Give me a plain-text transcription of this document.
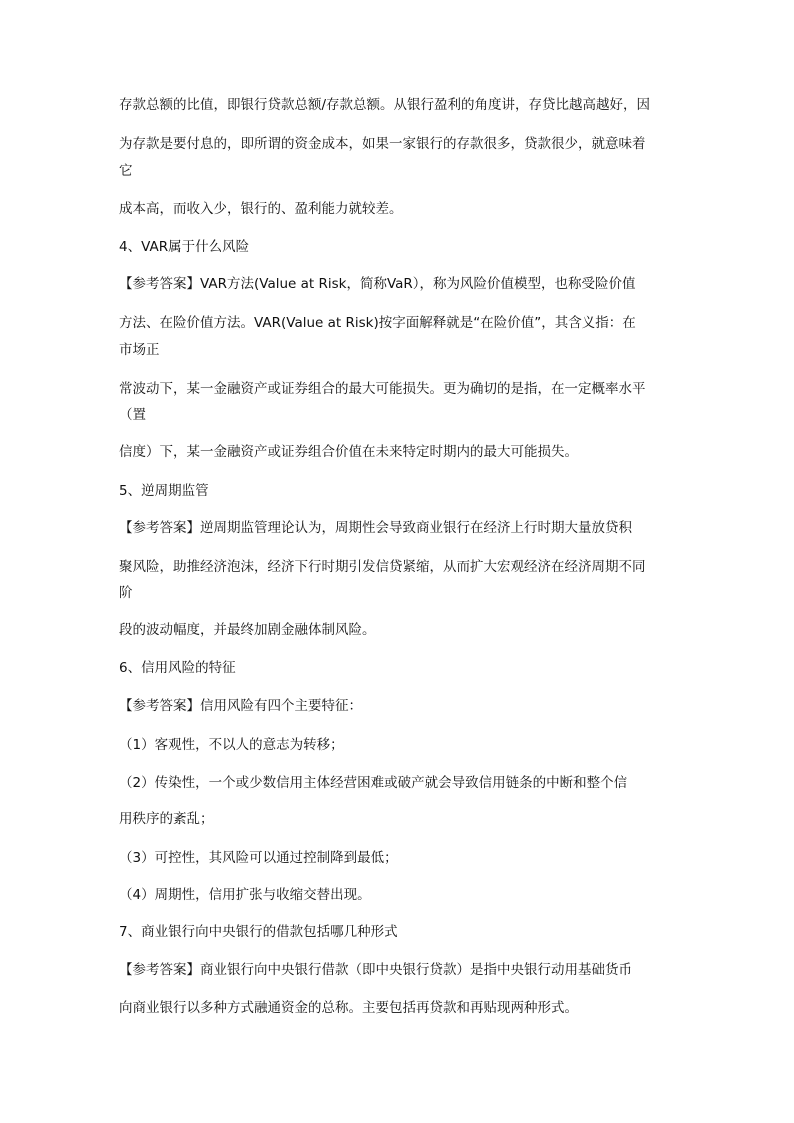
存款总额的比值，即银行贷款总额/存款总额。从银行盈利的角度讲，存贷比越高越好，因
为存款是要付息的，即所谓的资金成本，如果一家银行的存款很多，贷款很少，就意味着
它
成本高，而收入少，银行的、盈利能力就较差。
4、VAR属于什么风险
【参考答案】VAR方法(Value at Risk，简称VaR），称为风险价值模型，也称受险价值
方法、在险价值方法。VAR(Value at Risk)按字面解释就是“在险价值”，其含义指：在
市场正
常波动下，某一金融资产或证券组合的最大可能损失。更为确切的是指，在一定概率水平
（置
信度）下，某一金融资产或证券组合价值在未来特定时期内的最大可能损失。
5、逆周期监管
【参考答案】逆周期监管理论认为，周期性会导致商业银行在经济上行时期大量放贷积
聚风险，助推经济泡沫，经济下行时期引发信贷紧缩，从而扩大宏观经济在经济周期不同
阶
段的波动幅度，并最终加剧金融体制风险。
6、信用风险的特征
【参考答案】信用风险有四个主要特征：
（1）客观性，不以人的意志为转移；
（2）传染性，一个或少数信用主体经营困难或破产就会导致信用链条的中断和整个信
用秩序的紊乱；
（3）可控性，其风险可以通过控制降到最低；
（4）周期性，信用扩张与收缩交替出现。
7、商业银行向中央银行的借款包括哪几种形式
【参考答案】商业银行向中央银行借款（即中央银行贷款）是指中央银行动用基础货币
向商业银行以多种方式融通资金的总称。主要包括再贷款和再贴现两种形式。
